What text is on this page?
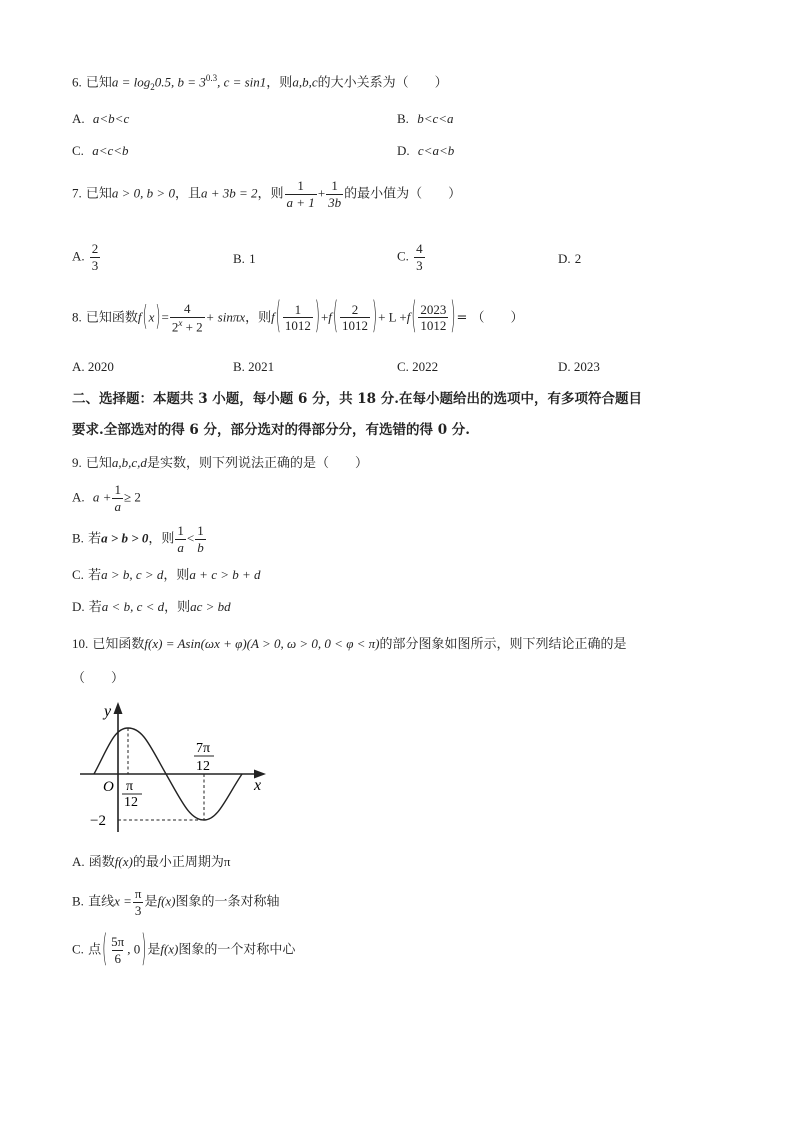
6. 已知$a = \log_20.5$, $b = 3^{0.3}$, c = sin1，则a,b,c的大小关系为（　　）
A. a<b<c	B. b<c<a
C. a<c<b	D. c<a<b
7. 已知a > 0, b > 0，且a + 3b = 2，则 $\frac{1}{a + 1} + \frac{1}{3b}$ 的最小值为（　　）
A. $\frac{2}{3}$	B. 1	C. $\frac{4}{3}$	D. 2
8. 已知函数$f(x)= \frac{4}{2^x + 2} + \sin\pi x$，则$f( \frac{1}{1012} )+f( \frac{2}{1012}$ )+ $L +f( \frac{2023}{1012}$ )= （　　）
A. 2020	B. 2021	C. 2022	D. 2023
二、选择题：本题共 3 小题，每小题 6 分，共 18 分.在每小题给出的选项中，有多项符合题目
要求.全部选对的得 6 分，部分选对的得部分分，有选错的得 0 分.
9. 已知a,b,c,d是实数，则下列说法正确的是（　　）
A. $a + \frac{1}{a} \ge 2$
B. 若a > b > 0，则 $\frac{1}{a} < \frac{1}{b}$
C. 若a > b, c > d，则a + c > b + d
D. 若a < b, c < d，则ac > bd
10. 已知函数f(x) = Asin(ωx + φ)(A > 0, ω > 0, 0 < φ < π)的部分图象如图所示，则下列结论正确的是
（　　）
y
x
O π
12
7π
12
−2
A. 函数f(x)的最小正周期为π
B. 直线$x = \frac{\pi}{3}$ 是f(x)图象的一条对称轴
C. 点( $\frac{5\pi}{6}$ , 0)是f(x)图象的一个对称中心
